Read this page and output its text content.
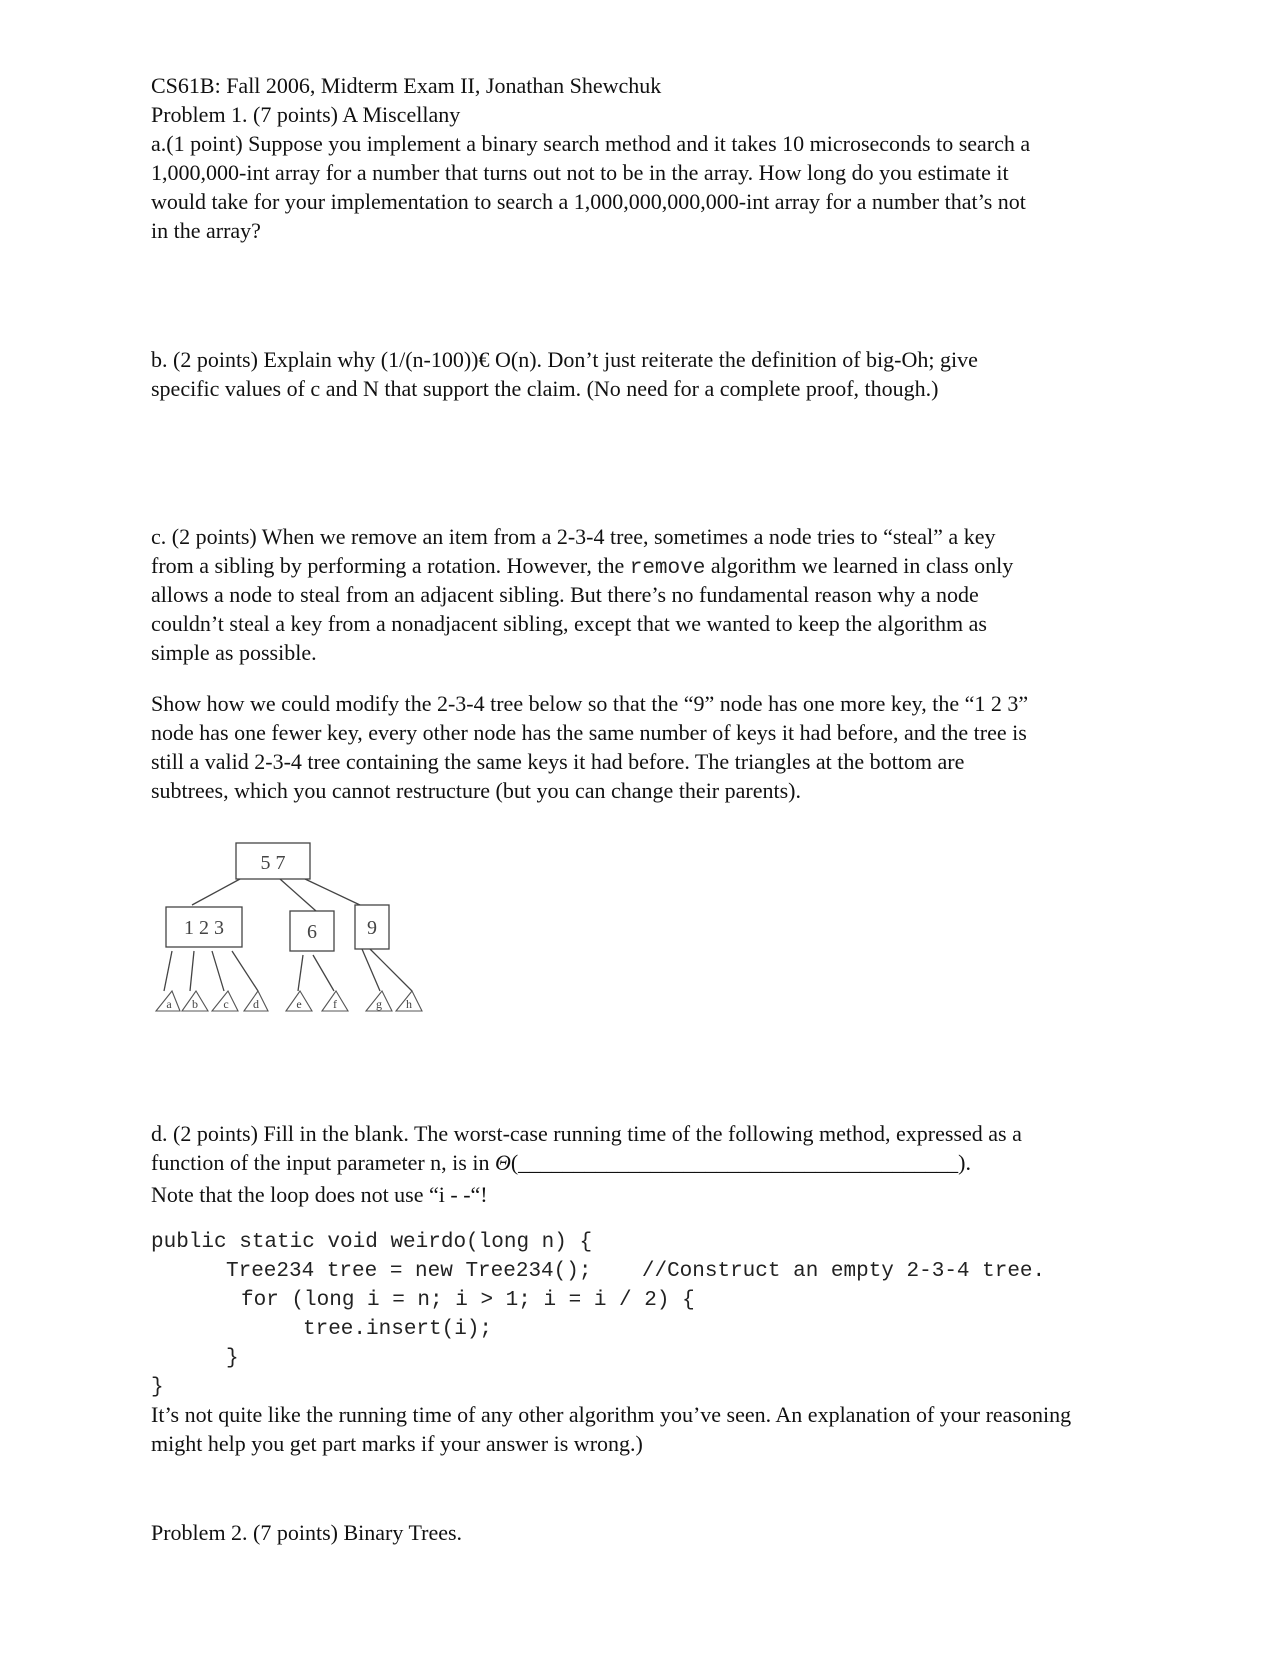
CS61B: Fall 2006, Midterm Exam II, Jonathan Shewchuk

Problem 1. (7 points) A Miscellany

a.(1 point) Suppose you implement a binary search method and it takes 10 microseconds to search a

1,000,000-int array for a number that turns out not to be in the array. How long do you estimate it

would take for your implementation to search a 1,000,000,000,000-int array for a number that’s not

in the array?

b. (2 points) Explain why (1/(n-100))€ O(n). Don’t just reiterate the definition of big-Oh; give

specific values of c and N that support the claim. (No need for a complete proof, though.)

c. (2 points) When we remove an item from a 2-3-4 tree, sometimes a node tries to “steal” a key

from a sibling by performing a rotation. However, the remove algorithm we learned in class only

allows a node to steal from an adjacent sibling. But there’s no fundamental reason why a node

couldn’t steal a key from a nonadjacent sibling, except that we wanted to keep the algorithm as

simple as possible.

Show how we could modify the 2-3-4 tree below so that the “9” node has one more key, the “1 2 3”

node has one fewer key, every other node has the same number of keys it had before, and the tree is

still a valid 2-3-4 tree containing the same keys it had before. The triangles at the bottom are

subtrees, which you cannot restructure (but you can change their parents).

5 7
1 2 3	6	9
a b c d	e	f	g h

d. (2 points) Fill in the blank. The worst-case running time of the following method, expressed as a

function of the input parameter n, is in Θ(________________________________________).

Note that the loop does not use “i - -“!

public static void weirdo(long n) {
Tree234 tree = new Tree234();    //Construct an empty 2-3-4 tree.
for (long i = n; i > 1; i = i / 2) {
tree.insert(i);
}
}

It’s not quite like the running time of any other algorithm you’ve seen. An explanation of your reasoning

might help you get part marks if your answer is wrong.)

Problem 2. (7 points) Binary Trees.
